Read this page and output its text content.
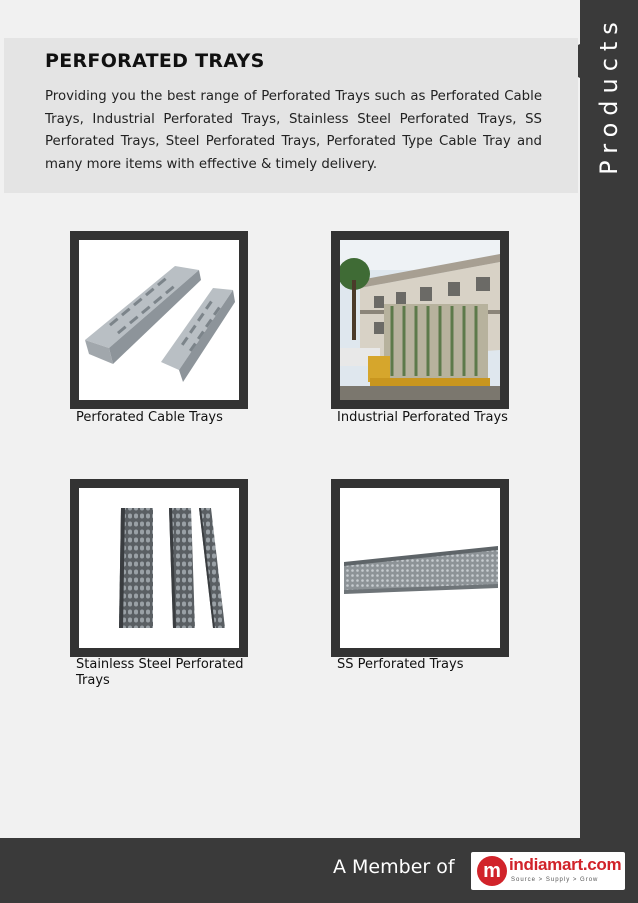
Products
PERFORATED TRAYS

Providing you the best range of Perforated Trays such as Perforated Cable Trays, Industrial Perforated Trays, Stainless Steel Perforated Trays, SS Perforated Trays, Steel Perforated Trays, Perforated Type Cable Tray and many more items with effective & timely delivery.

Perforated Cable Trays	Industrial Perforated Trays

Stainless Steel Perforated Trays

SS Perforated Trays

A Member of	m indiamart.com
Source > Supply > Grow
